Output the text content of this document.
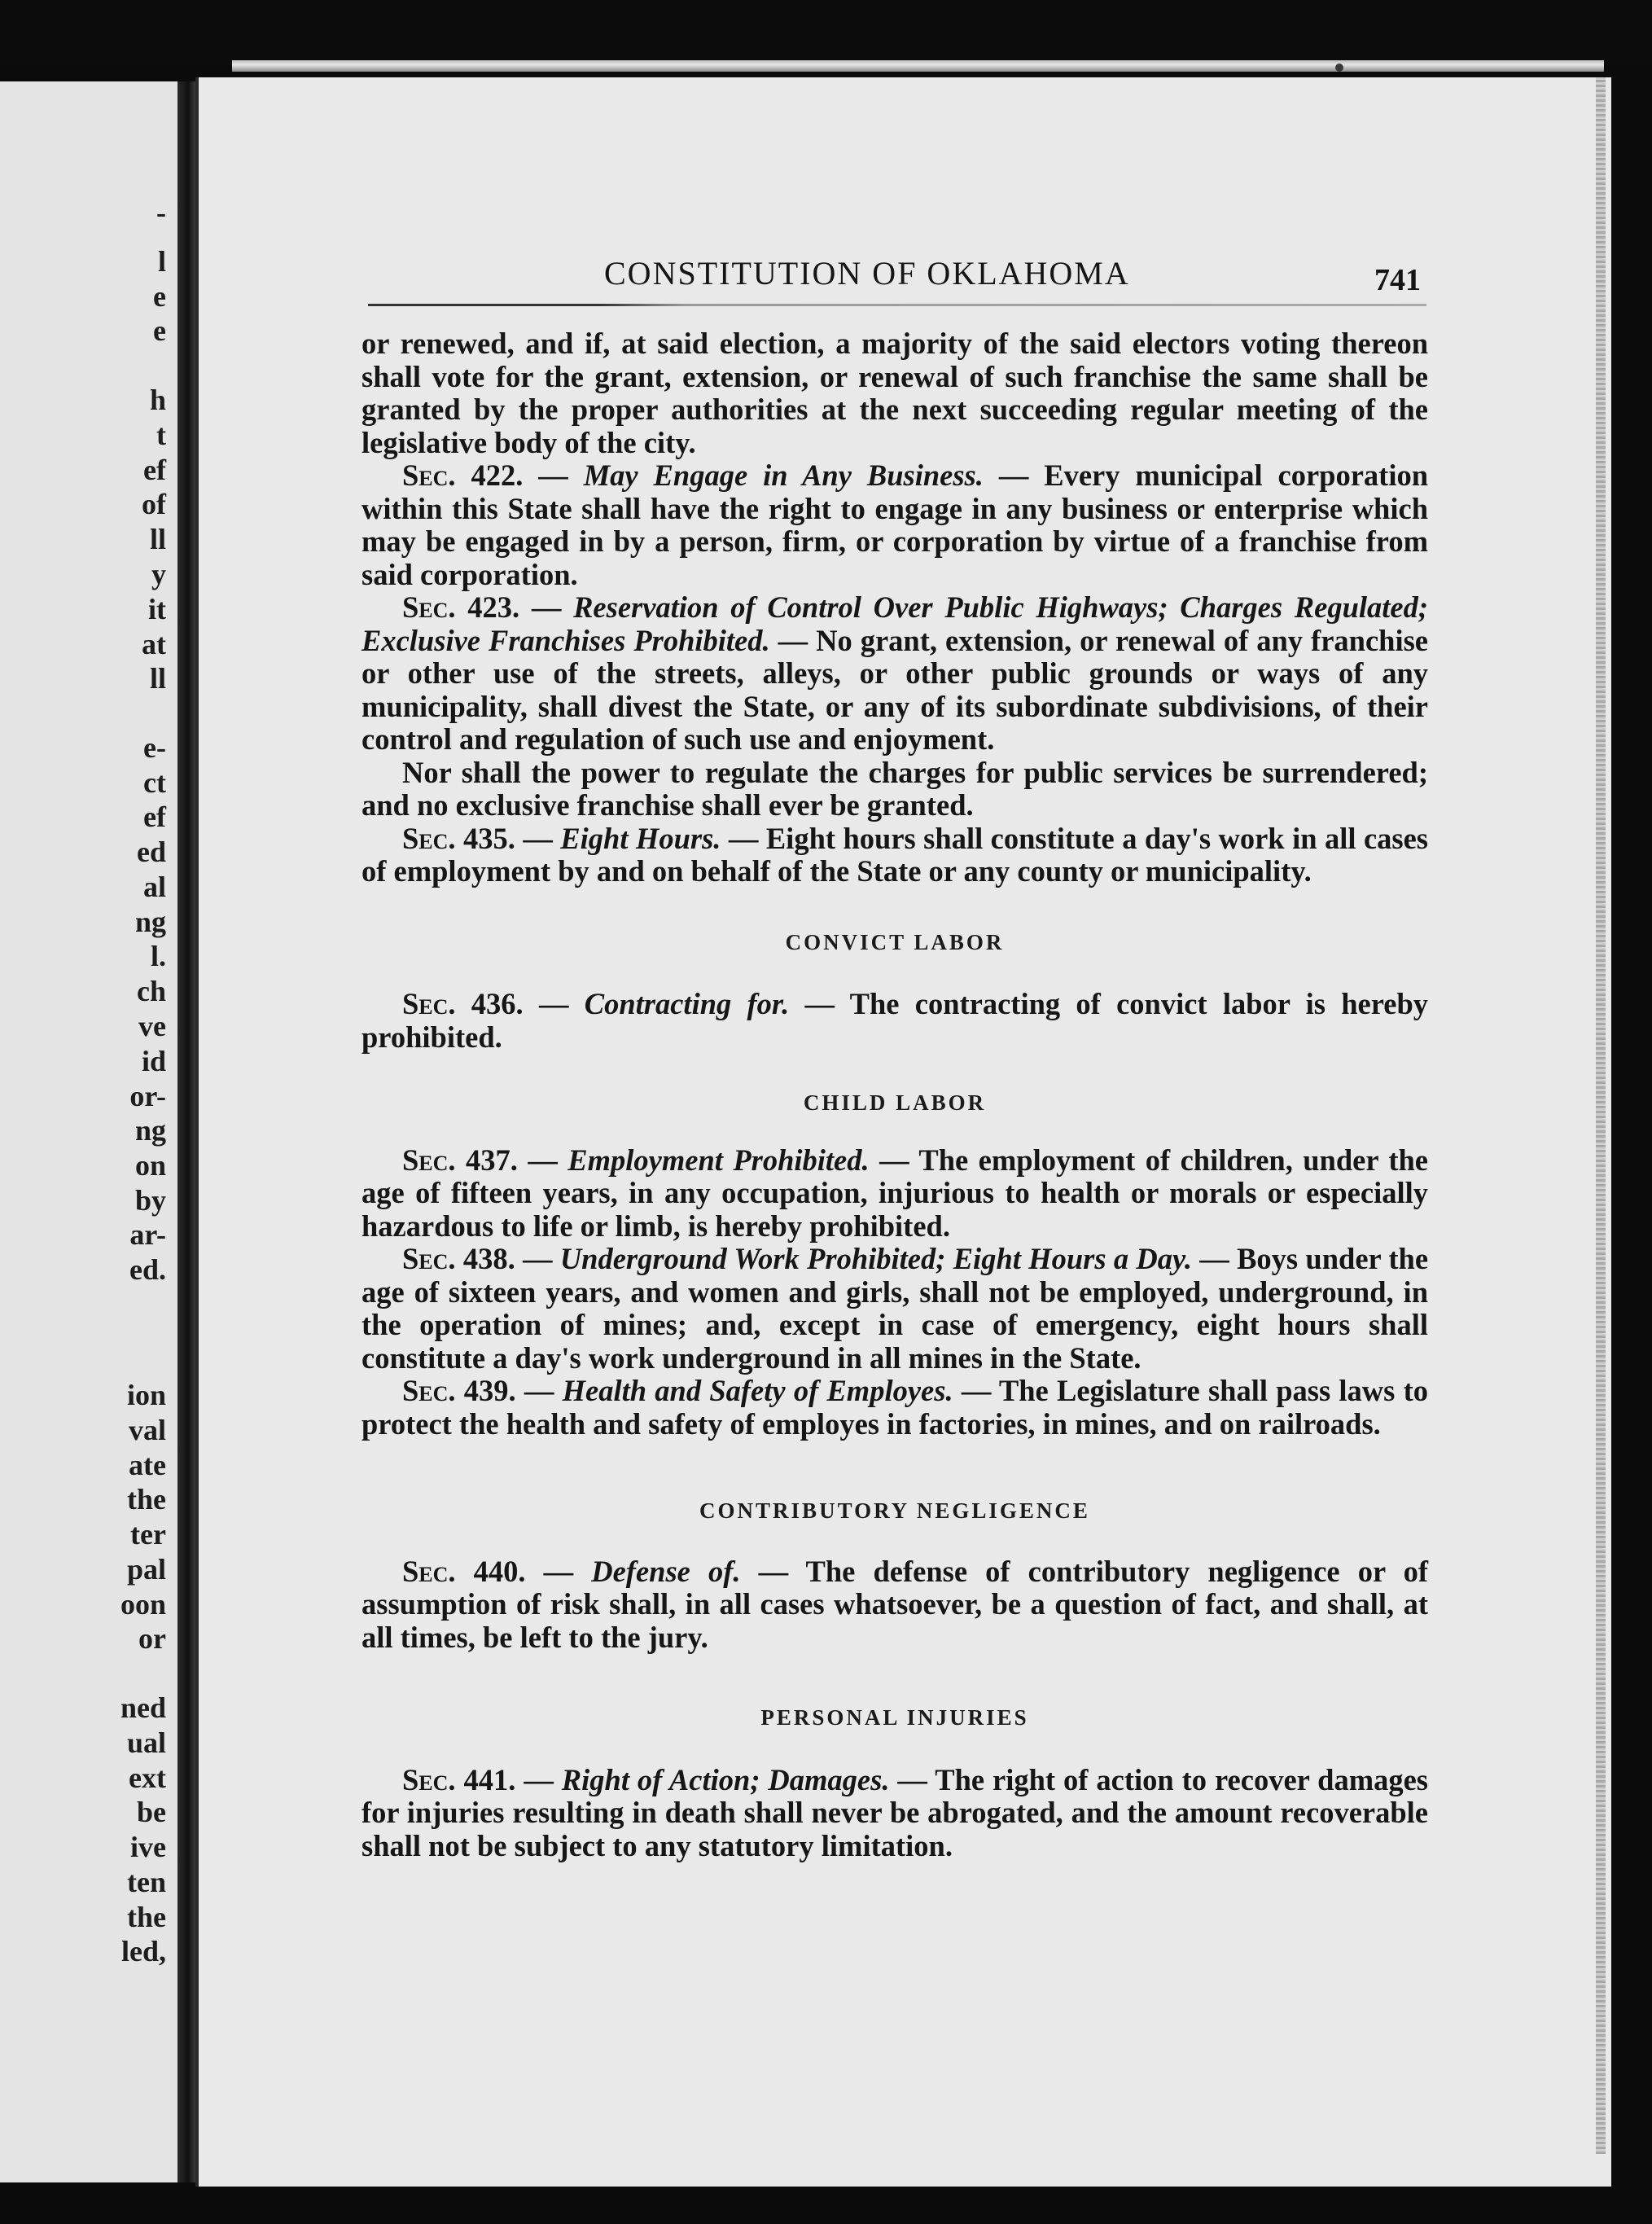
-
l
e
e
h
t
ef
of
ll
y
it
at
ll
e-
ct
ef
ed
al
ng
l.
ch
ve
id
or-
ng
on
by
ar-
ed.
ion
val
ate
the
ter
pal
oon
or
ned
ual
ext
be
ive
ten
the
led,
CONSTITUTION OF OKLAHOMA	741

or renewed, and if, at said election, a majority of the said electors voting thereon shall vote for the grant, extension, or renewal of such franchise the same shall be granted by the proper authorities at the next succeeding regular meeting of the legislative body of the city.

Sec. 422. — May Engage in Any Business. — Every municipal corporation within this State shall have the right to engage in any business or enterprise which may be engaged in by a person, firm, or corporation by virtue of a franchise from said corporation.

Sec. 423. — Reservation of Control Over Public Highways; Charges Regulated; Exclusive Franchises Prohibited. — No grant, extension, or renewal of any franchise or other use of the streets, alleys, or other public grounds or ways of any municipality, shall divest the State, or any of its subordinate subdivisions, of their control and regulation of such use and enjoyment.

Nor shall the power to regulate the charges for public services be surrendered; and no exclusive franchise shall ever be granted.

Sec. 435. — Eight Hours. — Eight hours shall constitute a day's work in all cases of employment by and on behalf of the State or any county or municipality.

CONVICT LABOR

Sec. 436. — Contracting for. — The contracting of convict labor is hereby prohibited.

CHILD LABOR

Sec. 437. — Employment Prohibited. — The employment of children, under the age of fifteen years, in any occupation, injurious to health or morals or especially hazardous to life or limb, is hereby prohibited.

Sec. 438. — Underground Work Prohibited; Eight Hours a Day. — Boys under the age of sixteen years, and women and girls, shall not be employed, underground, in the operation of mines; and, except in case of emergency, eight hours shall constitute a day's work underground in all mines in the State.

Sec. 439. — Health and Safety of Employes. — The Legislature shall pass laws to protect the health and safety of employes in factories, in mines, and on railroads.

CONTRIBUTORY NEGLIGENCE

Sec. 440. — Defense of. — The defense of contributory negligence or of assumption of risk shall, in all cases whatsoever, be a question of fact, and shall, at all times, be left to the jury.

PERSONAL INJURIES

Sec. 441. — Right of Action; Damages. — The right of action to recover damages for injuries resulting in death shall never be abrogated, and the amount recoverable shall not be subject to any statutory limitation.
